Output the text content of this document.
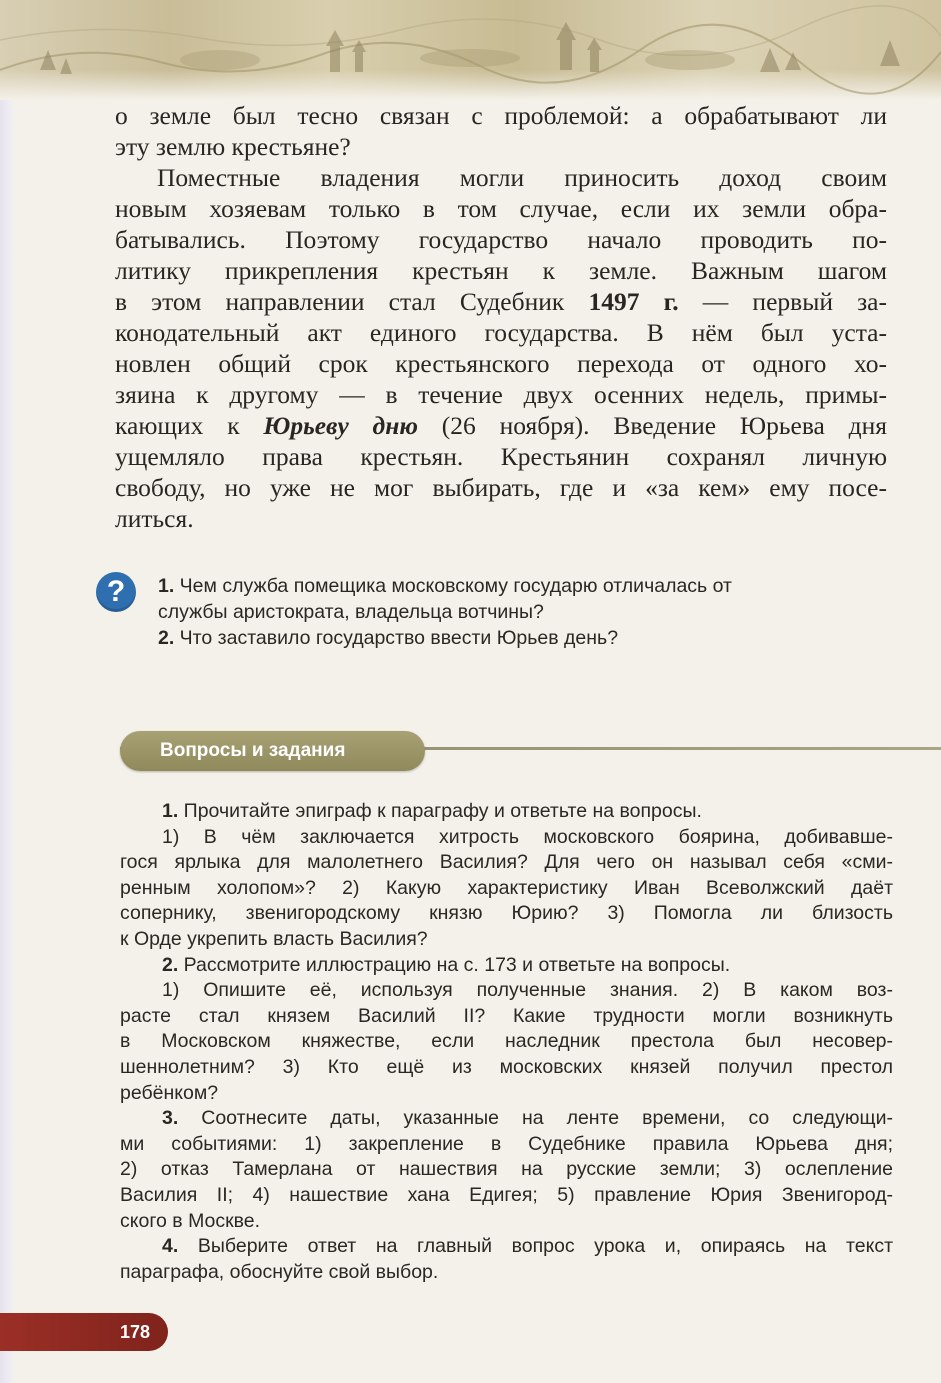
о земле был тесно связан с проблемой: а обрабатывают ли
эту землю крестьяне?

Поместные владения могли приносить доход своим
новым хозяевам только в том случае, если их земли обра-
батывались. Поэтому государство начало проводить по-
литику прикрепления крестьян к земле. Важным шагом
в этом направлении стал Судебник 1497 г. — первый за-
конодательный акт единого государства. В нём был уста-
новлен общий срок крестьянского перехода от одного хо-
зяина к другому — в течение двух осенних недель, примы-
кающих к Юрьеву дню (26 ноября). Введение Юрьева дня
ущемляло права крестьян. Крестьянин сохранял личную
свободу, но уже не мог выбирать, где и «за кем» ему посе-
литься.

?	1. Чем служба помещика московскому государю отличалась от
службы аристократа, владельца вотчины?

2. Что заставило государство ввести Юрьев день?

Вопросы и задания

1. Прочитайте эпиграф к параграфу и ответьте на вопросы.
1) В чём заключается хитрость московского боярина, добивавше-
гося ярлыка для малолетнего Василия? Для чего он называл себя «сми-
ренным холопом»? 2) Какую характеристику Иван Всеволжский даёт
сопернику, звенигородскому князю Юрию? 3) Помогла ли близость
к Орде укрепить власть Василия?

2. Рассмотрите иллюстрацию на с. 173 и ответьте на вопросы.
1) Опишите её, используя полученные знания. 2) В каком воз-
расте стал князем Василий II? Какие трудности могли возникнуть
в Московском княжестве, если наследник престола был несовер-
шеннолетним? 3) Кто ещё из московских князей получил престол
ребёнком?

3. Соотнесите даты, указанные на ленте времени, со следующи-
ми событиями: 1) закрепление в Судебнике правила Юрьева дня;
2) отказ Тамерлана от нашествия на русские земли; 3) ослепление
Василия II; 4) нашествие хана Едигея; 5) правление Юрия Звенигород-
ского в Москве.

4. Выберите ответ на главный вопрос урока и, опираясь на текст
параграфа, обоснуйте свой выбор.

178
